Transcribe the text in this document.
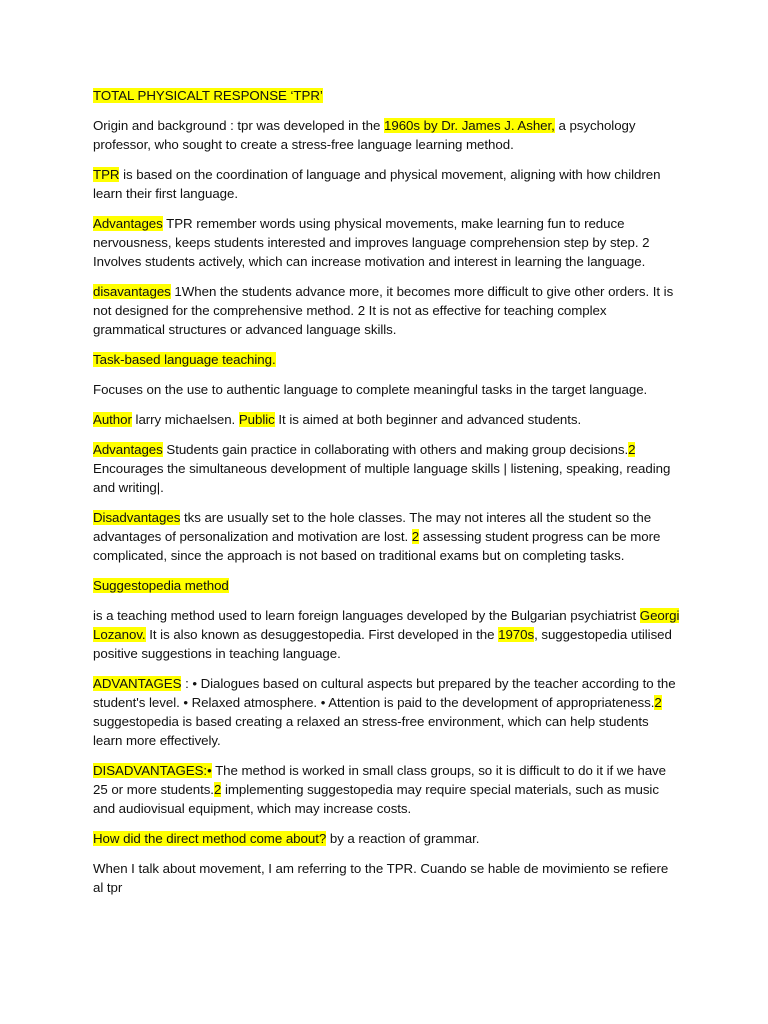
TOTAL PHYSICALT RESPONSE ‘TPR’

Origin and background : tpr was developed in the 1960s by Dr. James J. Asher, a psychology professor, who sought to create a stress-free language learning method.

TPR is based on the coordination of language and physical movement, aligning with how children learn their first language.

Advantages TPR remember words using physical movements, make learning fun to reduce nervousness, keeps students interested and improves language comprehension step by step. 2 Involves students actively, which can increase motivation and interest in learning the language.

disavantages 1When the students advance more, it becomes more difficult to give other orders. It is not designed for the comprehensive method. 2 It is not as effective for teaching complex grammatical structures or advanced language skills.

Task-based language teaching.

Focuses on the use to authentic language to complete meaningful tasks in the target language.

Author larry michaelsen. Public It is aimed at both beginner and advanced students.

Advantages Students gain practice in collaborating with others and making group decisions.2 Encourages the simultaneous development of multiple language skills | listening, speaking, reading and writing|.

Disadvantages tks are usually set to the hole classes. The may not interes all the student so the advantages of personalization and motivation are lost. 2 assessing student progress can be more complicated, since the approach is not based on traditional exams but on completing tasks.

Suggestopedia method

is a teaching method used to learn foreign languages developed by the Bulgarian psychiatrist Georgi Lozanov. It is also known as desuggestopedia. First developed in the 1970s, suggestopedia utilised positive suggestions in teaching language.

ADVANTAGES : • Dialogues based on cultural aspects but prepared by the teacher according to the student's level. • Relaxed atmosphere. • Attention is paid to the development of appropriateness.2 suggestopedia is based creating a relaxed an stress-free environment, which can help students learn more effectively.

DISADVANTAGES:• The method is worked in small class groups, so it is difficult to do it if we have 25 or more students.2 implementing suggestopedia may require special materials, such as music and audiovisual equipment, which may increase costs.

How did the direct method come about? by a reaction of grammar.

When I talk about movement, I am referring to the TPR. Cuando se hable de movimiento se refiere al tpr
